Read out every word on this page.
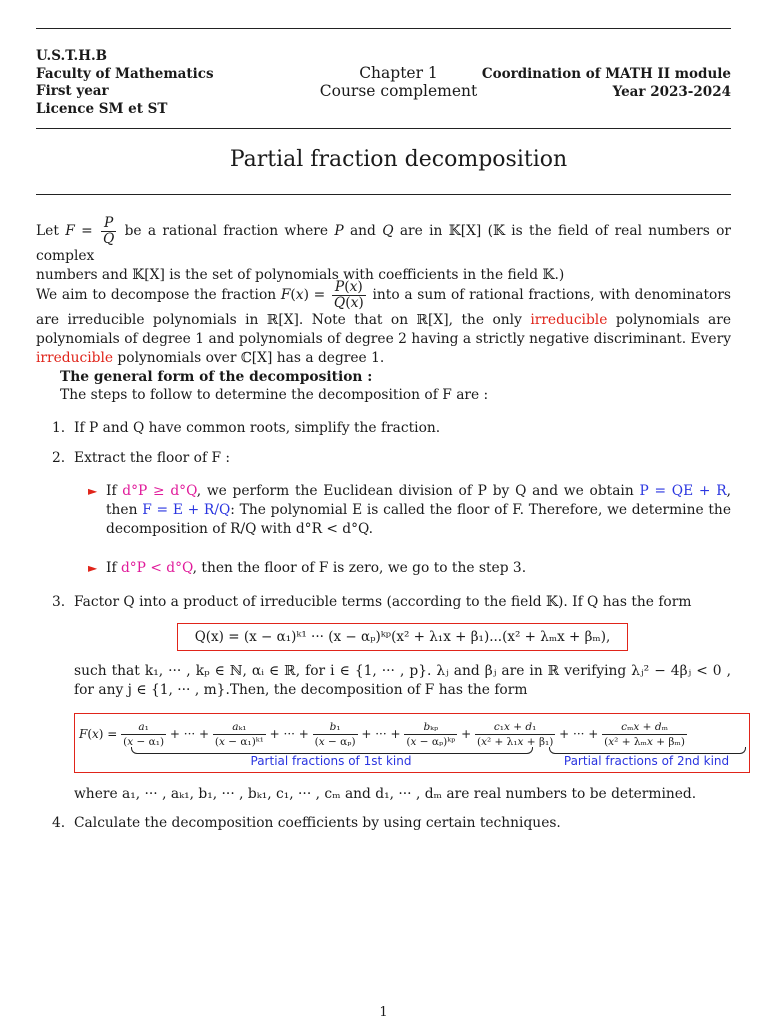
U.S.T.H.B
Faculty of Mathematics
First year
Licence SM et ST
Chapter 1
Course complement
Coordination of MATH II module
Year 2023-2024
Partial fraction decomposition
Let $F = \frac{P}{Q}$ be a rational fraction where P and Q are in 𝕂[X] (𝕂 is the field of real numbers or complex
numbers and 𝕂[X] is the set of polynomials with coefficients in the field 𝕂.)
We aim to decompose the fraction $F(x) = \frac{P(x)}{Q(x)}$ into a sum of rational fractions, with denominators are irreducible polynomials in ℝ[X]. Note that on ℝ[X], the only irreducible polynomials are polynomials of degree 1 and polynomials of degree 2 having a strictly negative discriminant. Every irreducible polynomials over ℂ[X] has a degree 1.
The general form of the decomposition :
The steps to follow to determine the decomposition of F are :
1. If P and Q have common roots, simplify the fraction.
2. Extract the floor of F :
► If d°P ≥ d°Q, we perform the Euclidean division of P by Q and we obtain P = QE + R, then F = E + R/Q: The polynomial E is called the floor of F. Therefore, we determine the decomposition of R/Q with d°R < d°Q.
► If d°P < d°Q, then the floor of F is zero, we go to the step 3.
3. Factor Q into a product of irreducible terms (according to the field 𝕂). If Q has the form
Q(x) = (x − α₁)ᵏ¹ ··· (x − αₚ)ᵏᵖ(x² + λ₁x + β₁)...(x² + λₘx + βₘ),
such that k₁, ··· , kₚ ∈ ℕ, αᵢ ∈ ℝ, for i ∈ {1, ··· , p}. λⱼ and βⱼ are in ℝ verifying λⱼ² − 4βⱼ < 0 , for any j ∈ {1, ··· , m}.Then, the decomposition of F has the form
$F(x) = \frac{\text{a₁}}{\text{(x − α₁)}}$ + ··· + $\frac{\text{aₖ₁}}{\text{(x − α₁)ᵏ¹}}$ + ··· + $\frac{\text{b₁}}{\text{(x − αₚ)}}$ + ··· + $\frac{\text{bₖₚ}}{\text{(x − αₚ)ᵏᵖ}} + \frac{\text{c₁x + d₁}}{\text{(x² + λ₁x + β₁)}}$ + ··· + $\frac{\text{cₘx + dₘ}}{\text{(x² + λₘx + βₘ)}}$
Partial fractions of 1st kind	Partial fractions of 2nd kind
where a₁, ··· , aₖ₁, b₁, ··· , bₖ₁, c₁, ··· , cₘ and d₁, ··· , dₘ are real numbers to be determined.
4. Calculate the decomposition coefficients by using certain techniques.
1
